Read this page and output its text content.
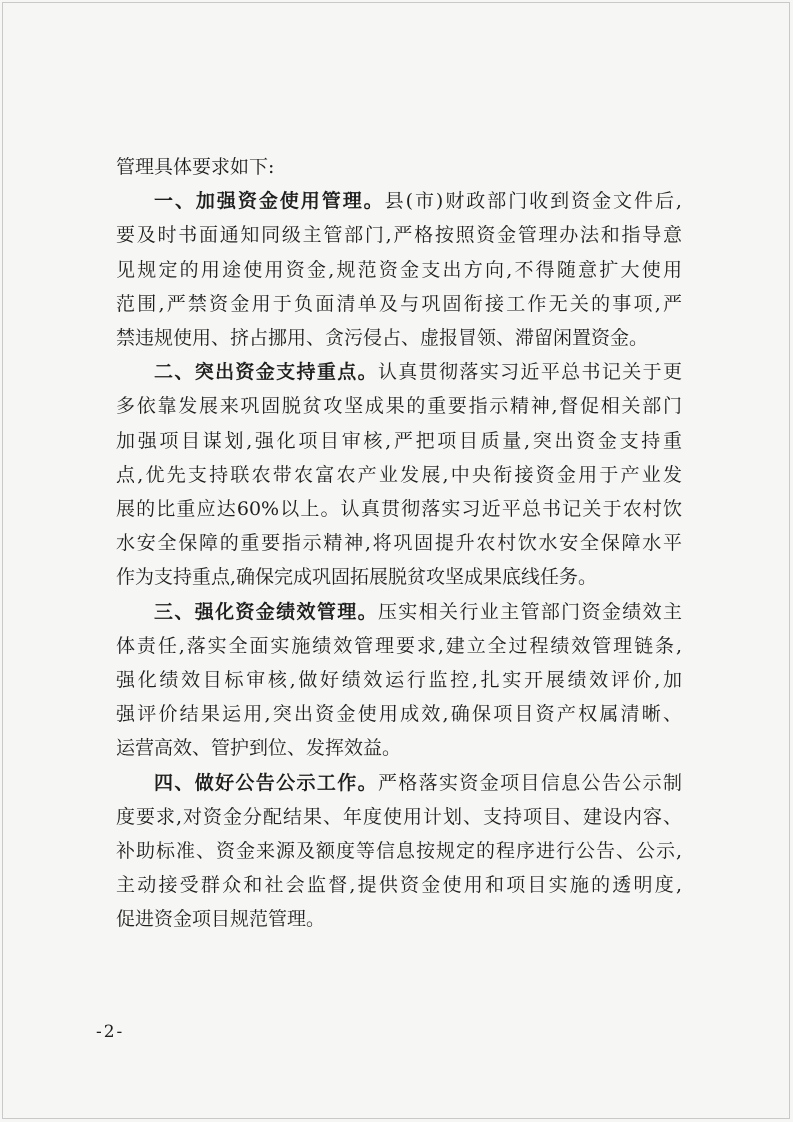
管理具体要求如下:
一、加强资金使用管理。县(市)财政部门收到资金文件后,
要及时书面通知同级主管部门,严格按照资金管理办法和指导意
见规定的用途使用资金,规范资金支出方向,不得随意扩大使用
范围,严禁资金用于负面清单及与巩固衔接工作无关的事项,严
禁违规使用、挤占挪用、贪污侵占、虚报冒领、滞留闲置资金。
二、突出资金支持重点。认真贯彻落实习近平总书记关于更
多依靠发展来巩固脱贫攻坚成果的重要指示精神,督促相关部门
加强项目谋划,强化项目审核,严把项目质量,突出资金支持重
点,优先支持联农带农富农产业发展,中央衔接资金用于产业发
展的比重应达60%以上。认真贯彻落实习近平总书记关于农村饮
水安全保障的重要指示精神,将巩固提升农村饮水安全保障水平
作为支持重点,确保完成巩固拓展脱贫攻坚成果底线任务。
三、强化资金绩效管理。压实相关行业主管部门资金绩效主
体责任,落实全面实施绩效管理要求,建立全过程绩效管理链条,
强化绩效目标审核,做好绩效运行监控,扎实开展绩效评价,加
强评价结果运用,突出资金使用成效,确保项目资产权属清晰、
运营高效、管护到位、发挥效益。
四、做好公告公示工作。严格落实资金项目信息公告公示制
度要求,对资金分配结果、年度使用计划、支持项目、建设内容、
补助标准、资金来源及额度等信息按规定的程序进行公告、公示,
主动接受群众和社会监督,提供资金使用和项目实施的透明度,
促进资金项目规范管理。
-2-
